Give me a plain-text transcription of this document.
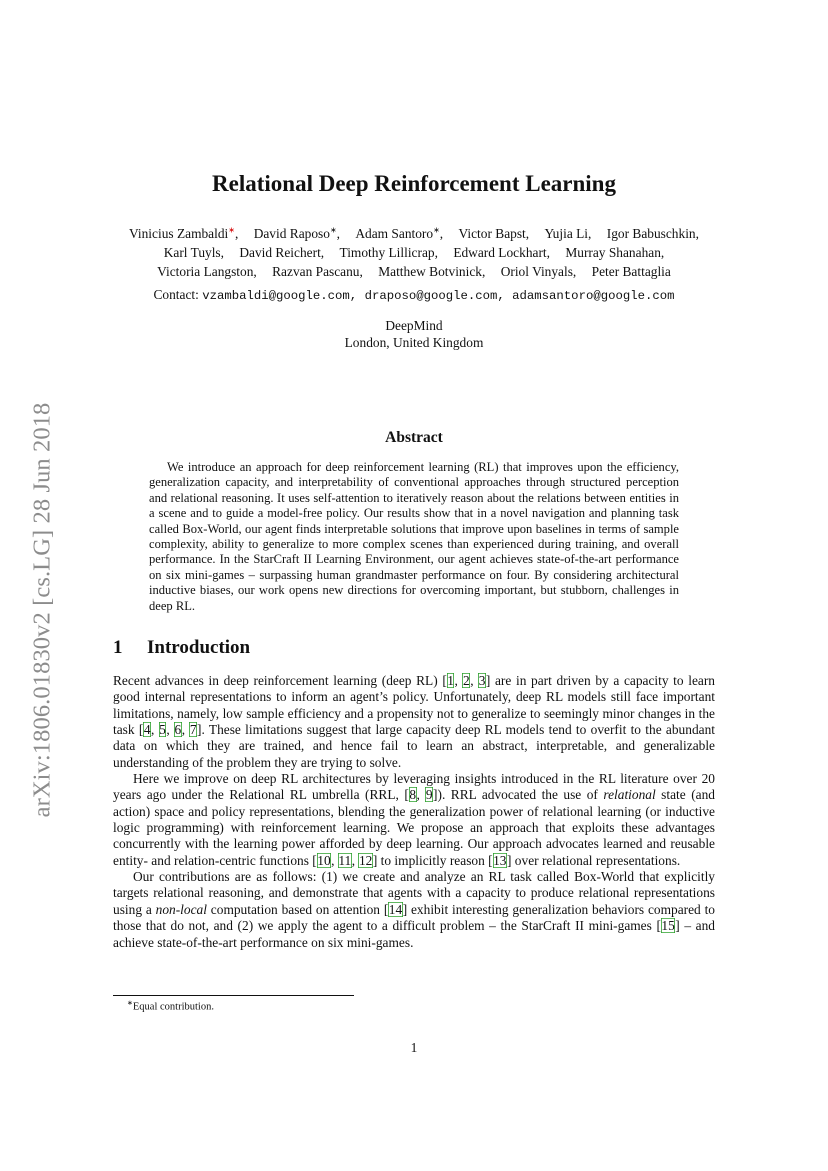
arXiv:1806.01830v2 [cs.LG] 28 Jun 2018
Relational Deep Reinforcement Learning
Vinicius Zambaldi∗, David Raposo∗, Adam Santoro∗, Victor Bapst, Yujia Li, Igor Babuschkin,
Karl Tuyls, David Reichert, Timothy Lillicrap, Edward Lockhart, Murray Shanahan,
Victoria Langston, Razvan Pascanu, Matthew Botvinick, Oriol Vinyals, Peter Battaglia
Contact: vzambaldi@google.com, draposo@google.com, adamsantoro@google.com
DeepMind
London, United Kingdom
Abstract

We introduce an approach for deep reinforcement learning (RL) that improves upon the efficiency, generalization capacity, and interpretability of conventional approaches through structured perception and relational reasoning. It uses self-attention to iteratively reason about the relations between entities in a scene and to guide a model-free policy. Our results show that in a novel navigation and planning task called Box-World, our agent finds interpretable solutions that improve upon baselines in terms of sample complexity, ability to generalize to more complex scenes than experienced during training, and overall performance. In the StarCraft II Learning Environment, our agent achieves state-of-the-art performance on six mini-games – surpassing human grandmaster performance on four. By considering architectural inductive biases, our work opens new directions for overcoming important, but stubborn, challenges in deep RL.

1 Introduction

Recent advances in deep reinforcement learning (deep RL) [1, 2, 3] are in part driven by a capacity to learn good internal representations to inform an agent’s policy. Unfortunately, deep RL models still face important limitations, namely, low sample efficiency and a propensity not to generalize to seemingly minor changes in the task [4, 5, 6, 7]. These limitations suggest that large capacity deep RL models tend to overfit to the abundant data on which they are trained, and hence fail to learn an abstract, interpretable, and generalizable understanding of the problem they are trying to solve.

Here we improve on deep RL architectures by leveraging insights introduced in the RL literature over 20 years ago under the Relational RL umbrella (RRL, [8, 9]). RRL advocated the use of relational state (and action) space and policy representations, blending the generalization power of relational learning (or inductive logic programming) with reinforcement learning. We propose an approach that exploits these advantages concurrently with the learning power afforded by deep learning. Our approach advocates learned and reusable entity- and relation-centric functions [10, 11, 12] to implicitly reason [13] over relational representations.

Our contributions are as follows: (1) we create and analyze an RL task called Box-World that explicitly targets relational reasoning, and demonstrate that agents with a capacity to produce relational representations using a non-local computation based on attention [14] exhibit interesting generalization behaviors compared to those that do not, and (2) we apply the agent to a difficult problem – the StarCraft II mini-games [15] – and achieve state-of-the-art performance on six mini-games.

∗Equal contribution.
1
